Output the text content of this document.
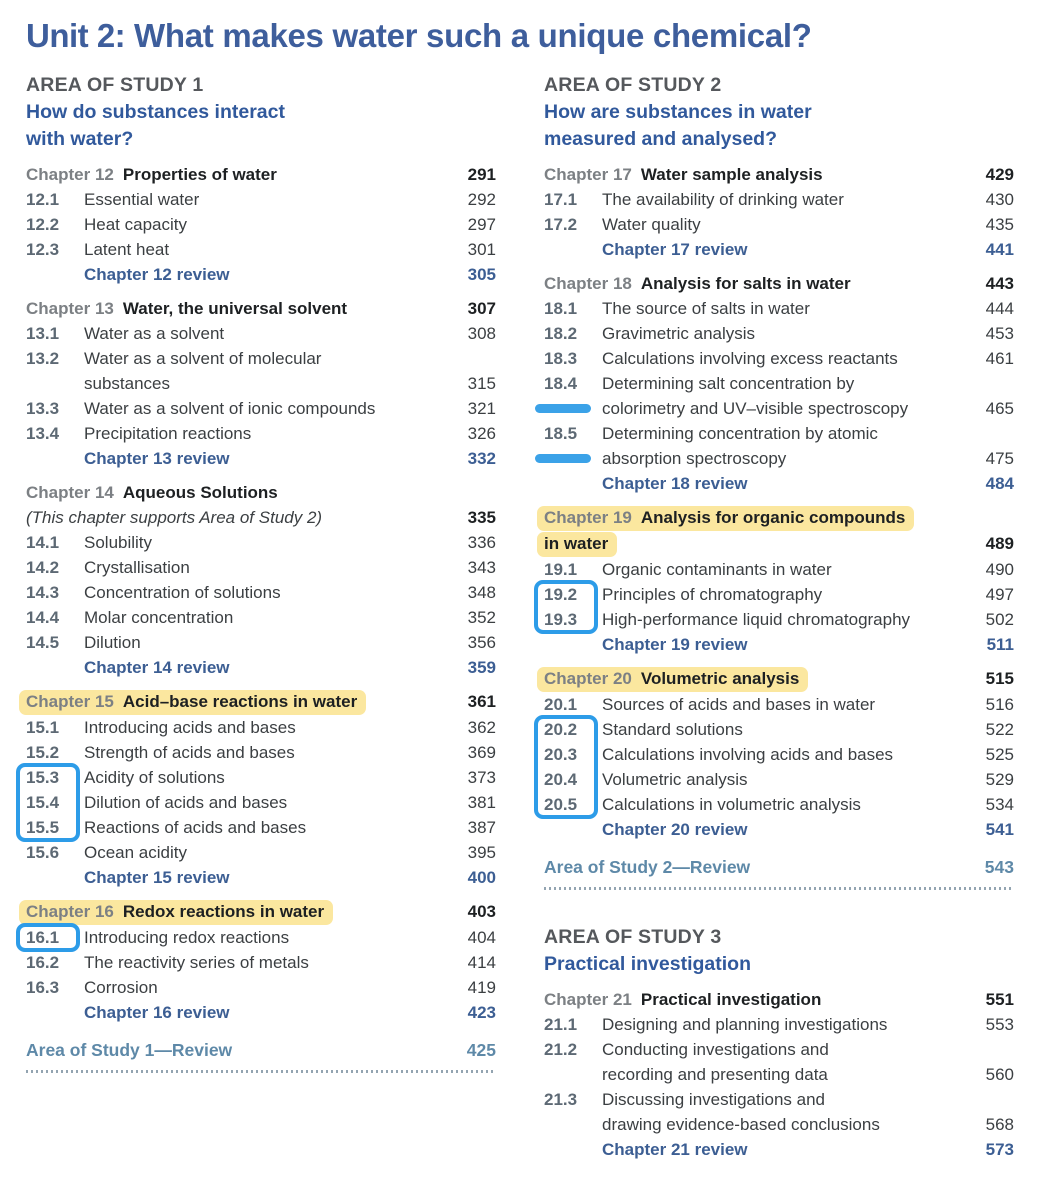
Unit 2: What makes water such a unique chemical?
AREA OF STUDY 1
How do substances interact
with water?
Chapter 12 Properties of water	291
12.1	Essential water	292
12.2	Heat capacity	297
12.3	Latent heat	301
Chapter 12 review	305
Chapter 13 Water, the universal solvent	307
13.1	Water as a solvent	308
13.2	Water as a solvent of molecular
substances	315
13.3	Water as a solvent of ionic compounds	321
13.4	Precipitation reactions	326
Chapter 13 review	332
Chapter 14 Aqueous Solutions
(This chapter supports Area of Study 2)	335
14.1	Solubility	336
14.2	Crystallisation	343
14.3	Concentration of solutions	348
14.4	Molar concentration	352
14.5	Dilution	356
Chapter 14 review	359
Chapter 15 Acid–base reactions in water	361
15.1	Introducing acids and bases	362
15.2	Strength of acids and bases	369
15.3	Acidity of solutions	373
15.4	Dilution of acids and bases	381
15.5	Reactions of acids and bases	387
15.6	Ocean acidity	395
Chapter 15 review	400
Chapter 16 Redox reactions in water	403
16.1	Introducing redox reactions	404
16.2	The reactivity series of metals	414
16.3	Corrosion	419
Chapter 16 review	423
Area of Study 1—Review	425
AREA OF STUDY 2
How are substances in water
measured and analysed?
Chapter 17 Water sample analysis	429
17.1	The availability of drinking water	430
17.2	Water quality	435
Chapter 17 review	441
Chapter 18 Analysis for salts in water	443
18.1	The source of salts in water	444
18.2	Gravimetric analysis	453
18.3	Calculations involving excess reactants	461
18.4	Determining salt concentration by
colorimetry and UV–visible spectroscopy	465
18.5	Determining concentration by atomic
absorption spectroscopy	475
Chapter 18 review	484
Chapter 19 Analysis for organic compounds
in water	489
19.1	Organic contaminants in water	490
19.2	Principles of chromatography	497
19.3	High-performance liquid chromatography	502
Chapter 19 review	511
Chapter 20 Volumetric analysis	515
20.1	Sources of acids and bases in water	516
20.2	Standard solutions	522
20.3	Calculations involving acids and bases	525
20.4	Volumetric analysis	529
20.5	Calculations in volumetric analysis	534
Chapter 20 review	541
Area of Study 2—Review	543
AREA OF STUDY 3
Practical investigation
Chapter 21 Practical investigation	551
21.1	Designing and planning investigations	553
21.2	Conducting investigations and
recording and presenting data	560
21.3	Discussing investigations and
drawing evidence-based conclusions	568
Chapter 21 review	573
